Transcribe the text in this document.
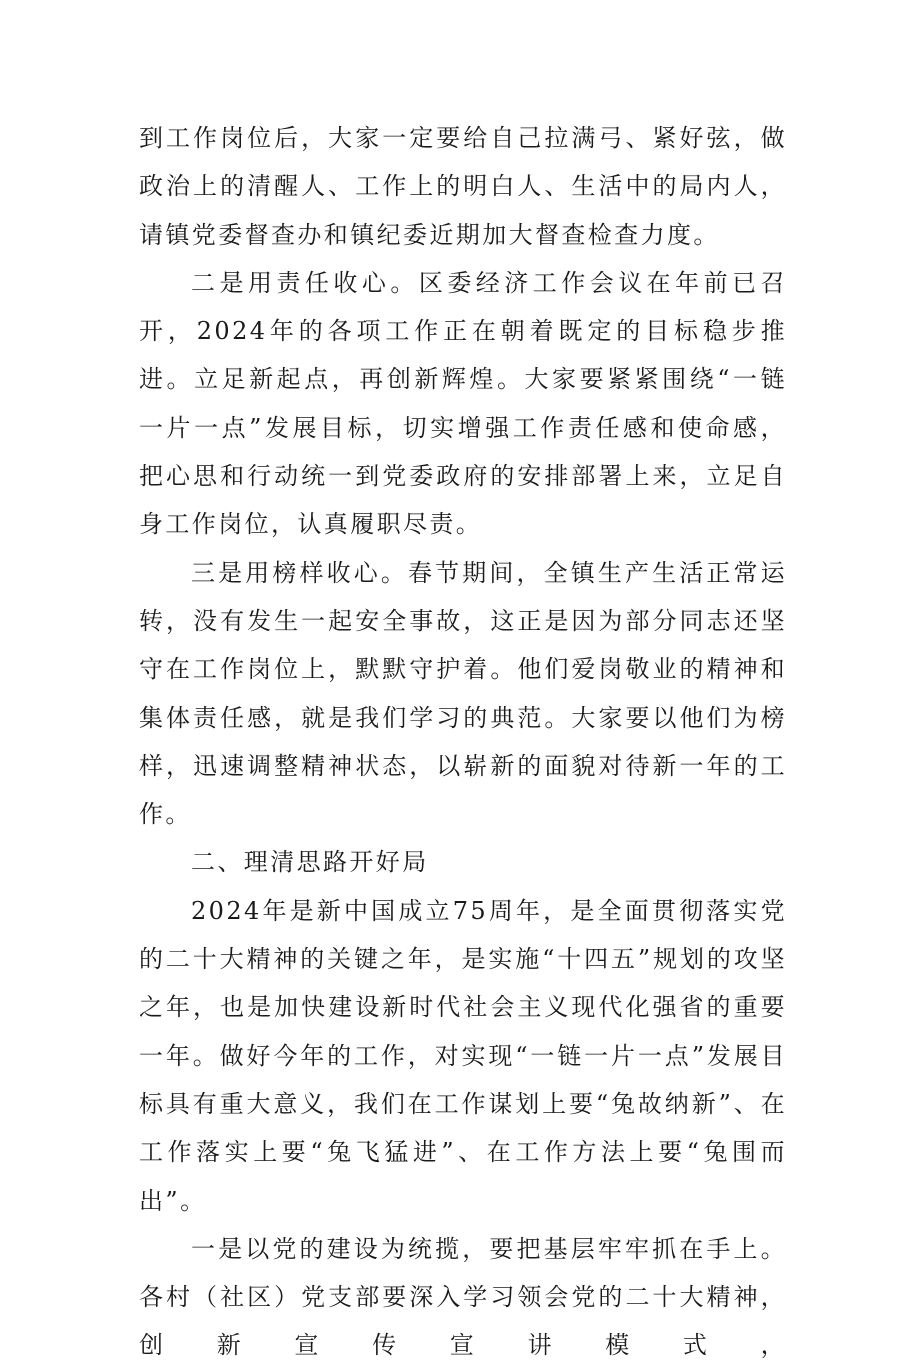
到工作岗位后，大家一定要给自己拉满弓、紧好弦，做政治上的清醒人、工作上的明白人、生活中的局内人，请镇党委督查办和镇纪委近期加大督查检查力度。

二是用责任收心。区委经济工作会议在年前已召开，2024年的各项工作正在朝着既定的目标稳步推进。立足新起点，再创新辉煌。大家要紧紧围绕“一链一片一点”发展目标，切实增强工作责任感和使命感，把心思和行动统一到党委政府的安排部署上来，立足自身工作岗位，认真履职尽责。

三是用榜样收心。春节期间，全镇生产生活正常运转，没有发生一起安全事故，这正是因为部分同志还坚守在工作岗位上，默默守护着。他们爱岗敬业的精神和集体责任感，就是我们学习的典范。大家要以他们为榜样，迅速调整精神状态，以崭新的面貌对待新一年的工作。

二、理清思路开好局

2024年是新中国成立75周年，是全面贯彻落实党的二十大精神的关键之年，是实施“十四五”规划的攻坚之年，也是加快建设新时代社会主义现代化强省的重要一年。做好今年的工作，对实现“一链一片一点”发展目标具有重大意义，我们在工作谋划上要“兔故纳新”、在工作落实上要“兔飞猛进”、在工作方法上要“兔围而出”。

一是以党的建设为统揽，要把基层牢牢抓在手上。各村（社区）党支部要深入学习领会党的二十大精神，创新宣传宣讲模式，
